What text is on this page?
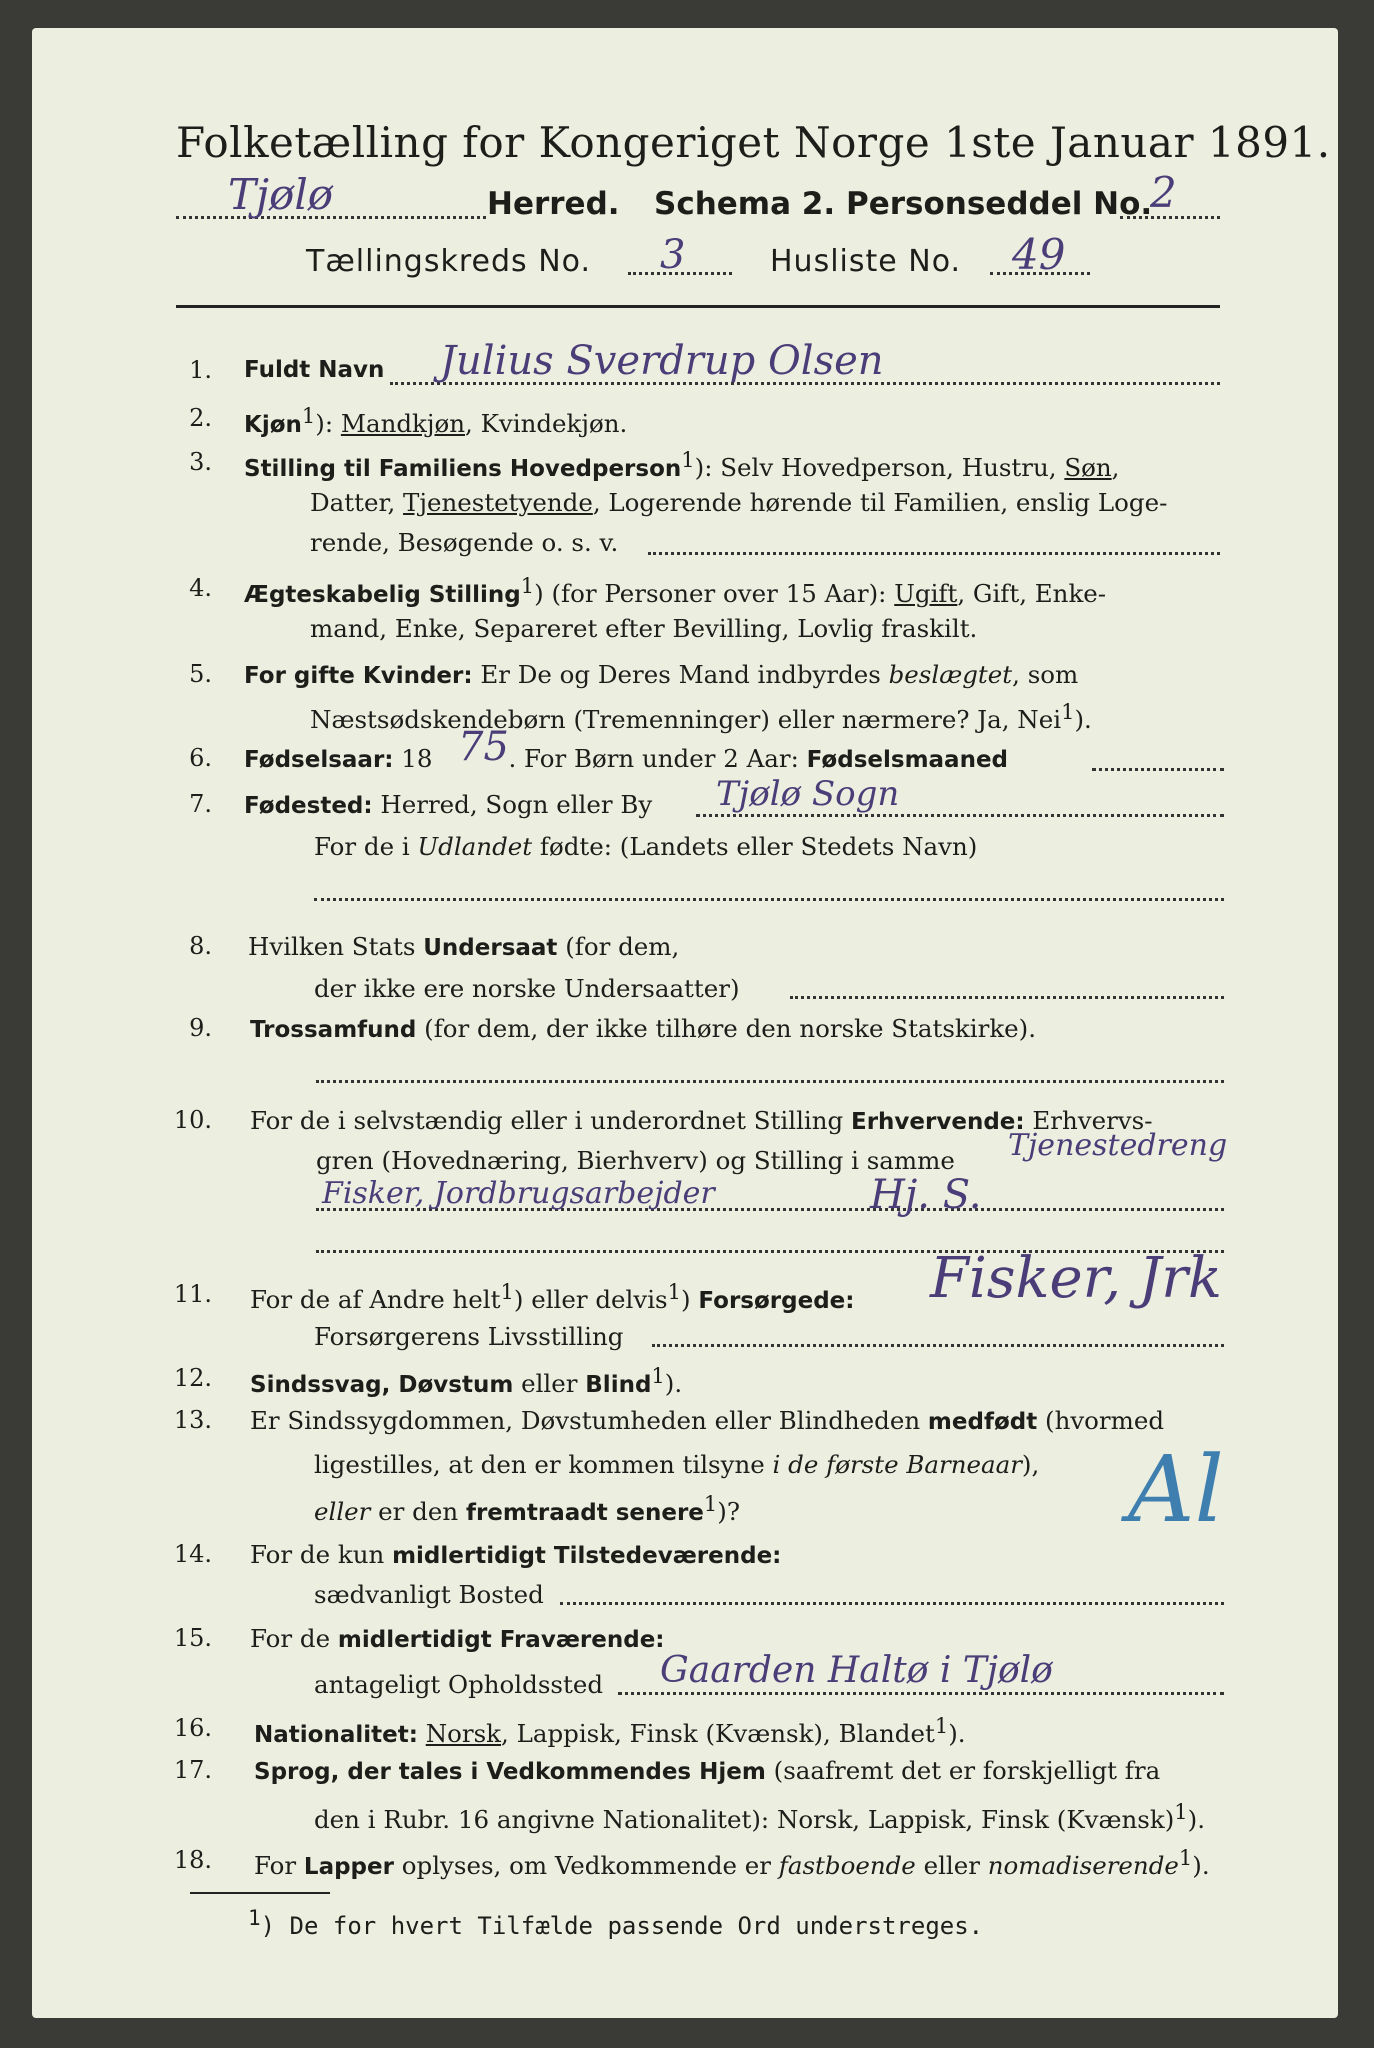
Folketælling for Kongeriget Norge 1ste Januar 1891.
Tjølø	Herred. Schema 2. Personseddel No.
2
Tællingskreds No. 3	Husliste No. 49
1. Fuldt Navn Julius Sverdrup Olsen
2. Kjøn1): Mandkjøn, Kvindekjøn.
3. Stilling til Familiens Hovedperson1): Selv Hovedperson, Hustru, Søn,
Datter, Tjenestetyende, Logerende hørende til Familien, enslig Loge-
rende, Besøgende o. s. v.
4. Ægteskabelig Stilling1) (for Personer over 15 Aar): Ugift, Gift, Enke-
mand, Enke, Separeret efter Bevilling, Lovlig fraskilt.
5. For gifte Kvinder: Er De og Deres Mand indbyrdes beslægtet, som
Næstsødskendebørn (Tremenninger) eller nærmere? Ja, Nei1).
6. Fødselsaar: 18	. For Børn under 2 Aar: Fødselsmaaned
75
7. Fødested: Herred, Sogn eller By Tjølø Sogn
For de i Udlandet fødte: (Landets eller Stedets Navn)
8. Hvilken Stats Undersaat (for dem,
der ikke ere norske Undersaatter)
9. Trossamfund (for dem, der ikke tilhøre den norske Statskirke).
10. For de i selvstændig eller i underordnet Stilling Erhvervende: Erhvervs-
gren (Hovednæring, Bierhverv) og Stilling i samme Tjenestedreng
Fisker, Jordbrugsarbejder	Hj. S.
11. For de af Andre helt1) eller delvis1) Forsørgede: Fisker, Jrk
Forsørgerens Livsstilling
12. Sindssvag, Døvstum eller Blind1).
13. Er Sindssygdommen, Døvstumheden eller Blindheden medfødt (hvormed
ligestilles, at den er kommen tilsyne i de første Barneaar),
eller er den fremtraadt senere1)?	Al
14. For de kun midlertidigt Tilstedeværende:
sædvanligt Bosted
15. For de midlertidigt Fraværende:
antageligt Opholdssted Gaarden Haltø i Tjølø
16. Nationalitet: Norsk, Lappisk, Finsk (Kvænsk), Blandet1).
17. Sprog, der tales i Vedkommendes Hjem (saafremt det er forskjelligt fra
den i Rubr. 16 angivne Nationalitet): Norsk, Lappisk, Finsk (Kvænsk)1).
18. For Lapper oplyses, om Vedkommende er fastboende eller nomadiserende1).
1) De for hvert Tilfælde passende Ord understreges.
